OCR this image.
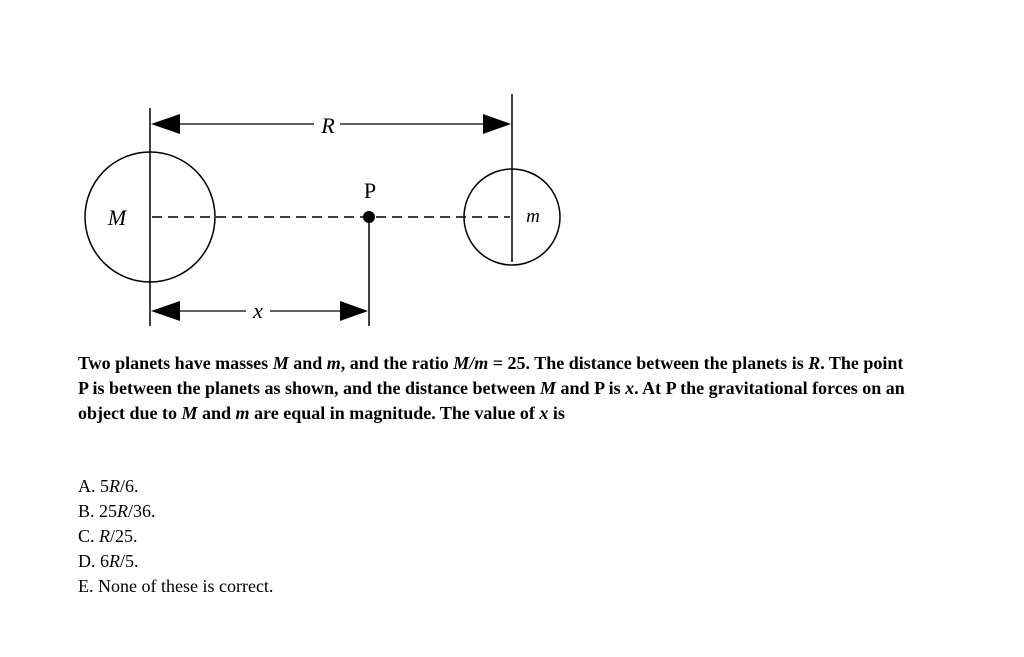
M	m
P
R
x

Two planets have masses M and m, and the ratio M/m = 25. The distance between the planets is R. The point P is between the planets as shown, and the distance between M and P is x. At P the gravitational forces on an object due to M and m are equal in magnitude. The value of x is

A. 5R/6.
B. 25R/36.
C. R/25.
D. 6R/5.
E. None of these is correct.
